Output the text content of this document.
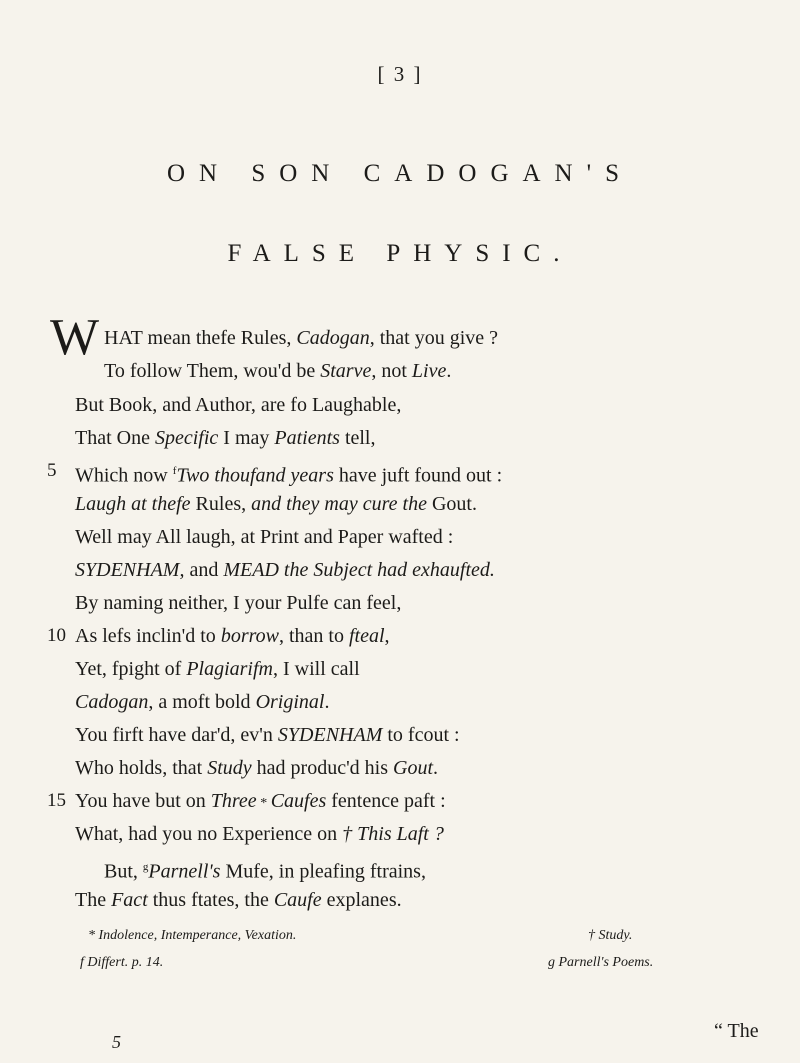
[ 3 ]
ON SON CADOGAN'S
FALSE PHYSIC.
W HAT mean thefe Rules, Cadogan, that you give ?
To follow Them, wou'd be Starve, not Live.
But Book, and Author, are fo Laughable,
That One Specific I may Patients tell,
5 Which now $^f$Two thoufand years have juft found out :
Laugh at thefe Rules, and they may cure the Gout.
Well may All laugh, at Print and Paper wafted :
SYDENHAM, and MEAD the Subject had exhaufted.
By naming neither, I your Pulfe can feel,
10 As lefs inclin'd to borrow, than to fteal,
Yet, fpight of Plagiarifm, I will call
Cadogan, a moft bold Original.
You firft have dar'd, ev'n SYDENHAM to fcout :
Who holds, that Study had produc'd his Gout.
15 You have but on Three * Caufes fentence paft :
What, had you no Experience on † This Laft ?
But, $^g$Parnell's Mufe, in pleafing ftrains,
The Fact thus ftates, the Caufe explanes.
* Indolence, Intemperance, Vexation.	† Study.
f Differt. p. 14.	g Parnell's Poems.
5	“ The
